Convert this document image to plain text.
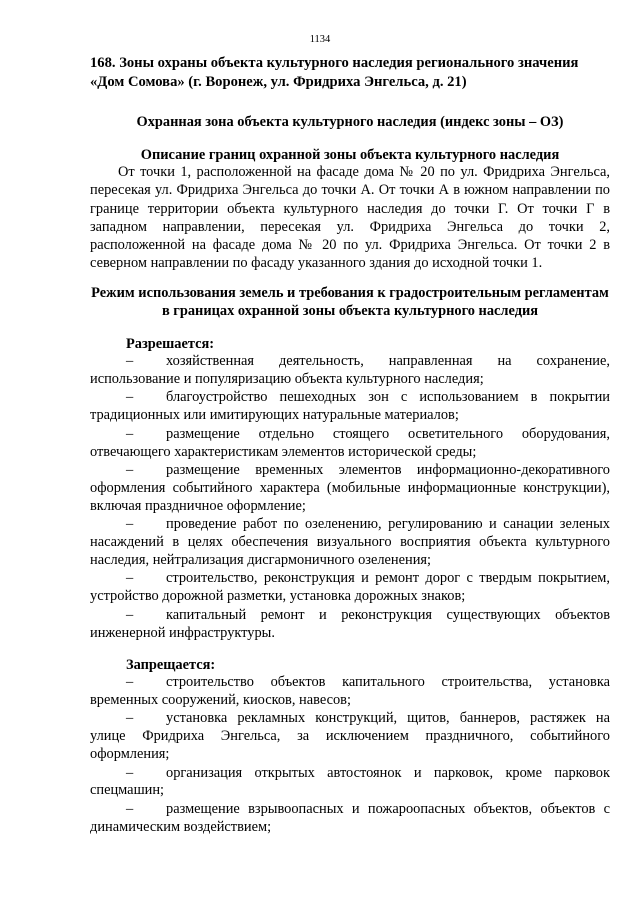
1134
168. Зоны охраны объекта культурного наследия регионального значения «Дом Сомова» (г. Воронеж, ул. Фридриха Энгельса, д. 21)

Охранная зона объекта культурного наследия (индекс зоны – ОЗ)

Описание границ охранной зоны объекта культурного наследия

От точки 1, расположенной на фасаде дома № 20 по ул. Фридриха Энгельса, пересекая ул. Фридриха Энгельса до точки А. От точки А в южном направлении по границе территории объекта культурного наследия до точки Г. От точки Г в западном направлении, пересекая ул. Фридриха Энгельса до точки 2, расположенной на фасаде дома № 20 по ул. Фридриха Энгельса. От точки 2 в северном направлении по фасаду указанного здания до исходной точки 1.

Режим использования земель и требования к градостроительным регламентам в границах охранной зоны объекта культурного наследия

Разрешается:

– хозяйственная деятельность, направленная на сохранение, использование и популяризацию объекта культурного наследия;
– благоустройство пешеходных зон с использованием в покрытии традиционных или имитирующих натуральные материалов;
– размещение отдельно стоящего осветительного оборудования, отвечающего характеристикам элементов исторической среды;
– размещение временных элементов информационно-декоративного оформления событийного характера (мобильные информационные конструкции), включая праздничное оформление;
– проведение работ по озеленению, регулированию и санации зеленых насаждений в целях обеспечения визуального восприятия объекта культурного наследия, нейтрализация дисгармоничного озеленения;
– строительство, реконструкция и ремонт дорог с твердым покрытием, устройство дорожной разметки, установка дорожных знаков;
– капитальный ремонт и реконструкция существующих объектов инженерной инфраструктуры.

Запрещается:

– строительство объектов капитального строительства, установка временных сооружений, киосков, навесов;
– установка рекламных конструкций, щитов, баннеров, растяжек на улице Фридриха Энгельса, за исключением праздничного, событийного оформления;
– организация открытых автостоянок и парковок, кроме парковок спецмашин;
– размещение взрывоопасных и пожароопасных объектов, объектов с динамическим воздействием;
